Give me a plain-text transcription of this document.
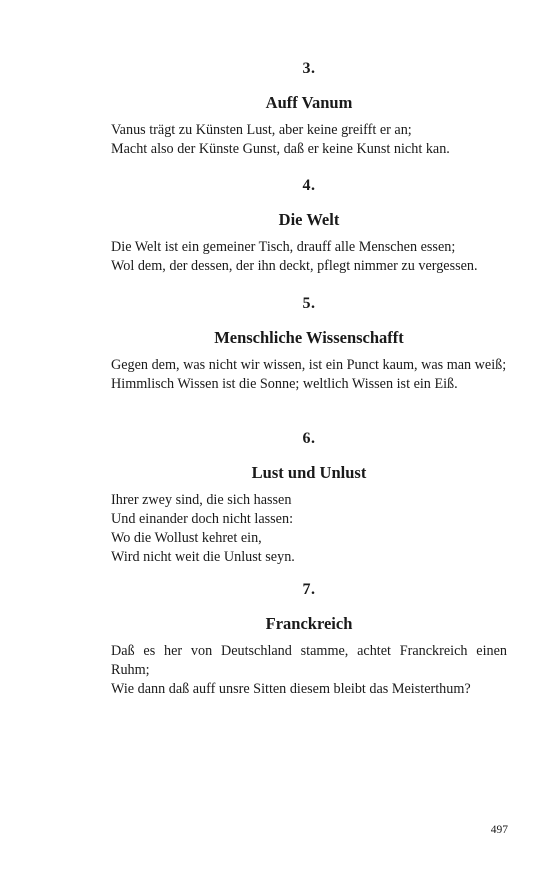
3.
Auff Vanum
Vanus trägt zu Künsten Lust, aber keine greifft er an;
Macht also der Künste Gunst, daß er keine Kunst nicht kan.
4.
Die Welt
Die Welt ist ein gemeiner Tisch, drauff alle Menschen essen;
Wol dem, der dessen, der ihn deckt, pflegt nimmer zu vergessen.
5.
Menschliche Wissenschafft
Gegen dem, was nicht wir wissen, ist ein Punct kaum, was man weiß;
Himmlisch Wissen ist die Sonne; weltlich Wissen ist ein Eiß.
6.
Lust und Unlust
Ihrer zwey sind, die sich hassen
Und einander doch nicht lassen:
Wo die Wollust kehret ein,
Wird nicht weit die Unlust seyn.
7.
Franckreich
Daß es her von Deutschland stamme, achtet Franckreich einen Ruhm;
Wie dann daß auff unsre Sitten diesem bleibt das Meisterthum?
497
